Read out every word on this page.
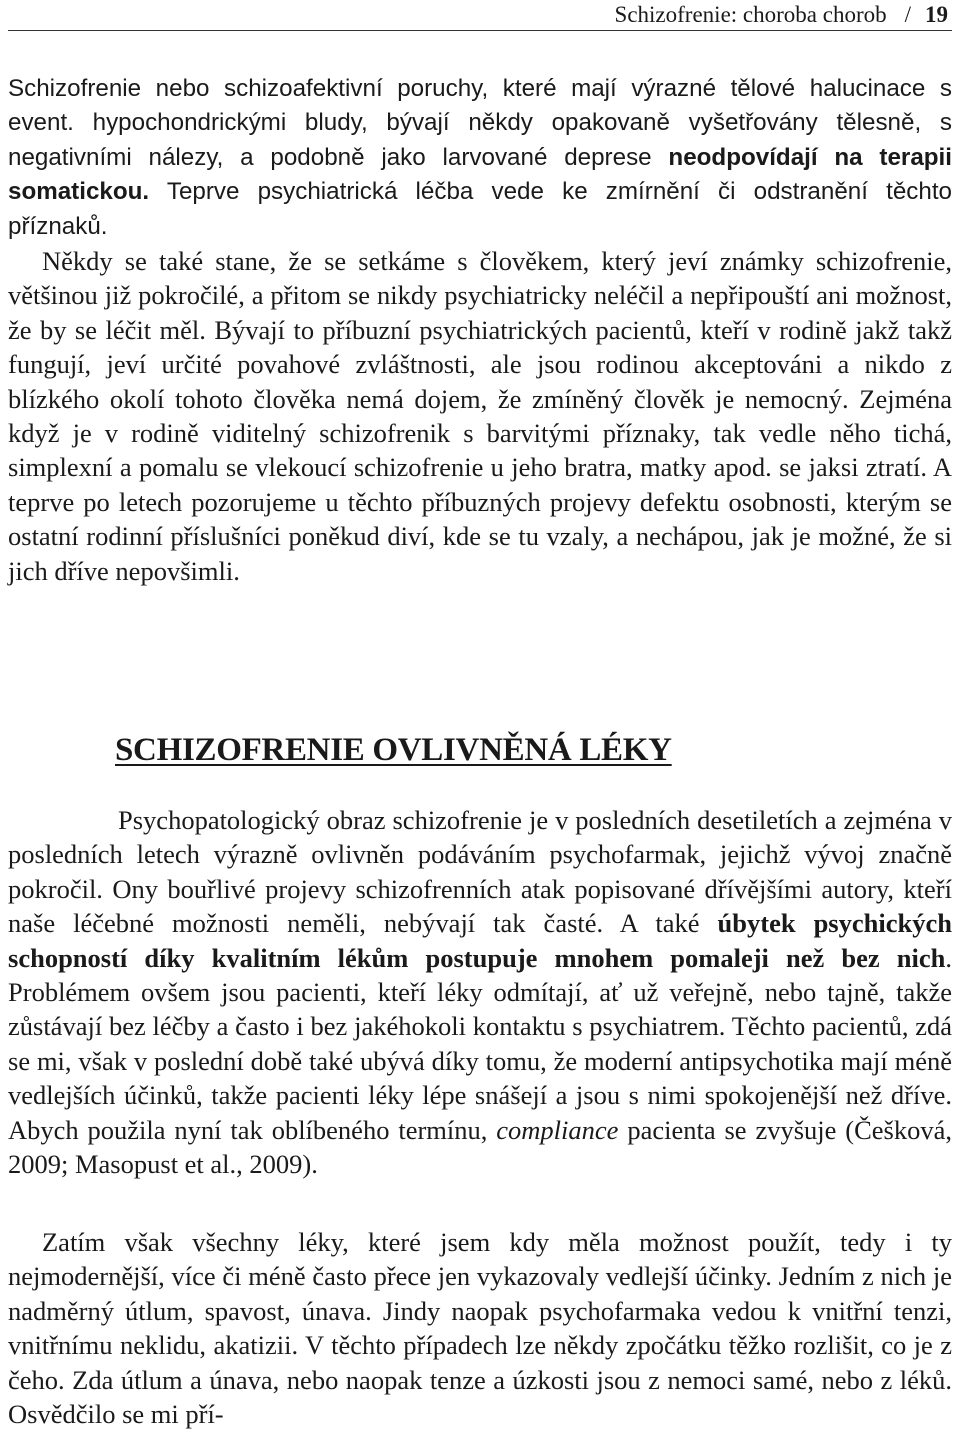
Schizofrenie: choroba chorob / 19
Schizofrenie nebo schizoafektivní poruchy, které mají výrazné tělové halucinace s event. hypochondrickými bludy, bývají někdy opakovaně vyšetřovány tělesně, s negativními nálezy, a podobně jako larvované deprese neodpovídají na terapii somatickou. Teprve psychiatrická léčba vede ke zmírnění či odstranění těchto příznaků.
Někdy se také stane, že se setkáme s člověkem, který jeví známky schizofrenie, většinou již pokročilé, a přitom se nikdy psychiatricky neléčil a nepřipouští ani možnost, že by se léčit měl. Bývají to příbuzní psychiatrických pacientů, kteří v rodině jakž takž fungují, jeví určité povahové zvláštnosti, ale jsou rodinou akceptováni a nikdo z blízkého okolí tohoto člověka nemá dojem, že zmíněný člověk je nemocný. Zejména když je v rodině viditelný schizofrenik s barvitými příznaky, tak vedle něho tichá, simplexní a pomalu se vlekoucí schizofrenie u jeho bratra, matky apod. se jaksi ztratí. A teprve po letech pozorujeme u těchto příbuzných projevy defektu osobnosti, kterým se ostatní rodinní příslušníci poněkud diví, kde se tu vzaly, a nechápou, jak je možné, že si jich dříve nepovšimli.
SCHIZOFRENIE OVLIVNĚNÁ LÉKY
Psychopatologický obraz schizofrenie je v posledních desetiletích a zejména v posledních letech výrazně ovlivněn podáváním psychofarmak, jejichž vývoj značně pokročil. Ony bouřlivé projevy schizofrenních atak popisované dřívějšími autory, kteří naše léčebné možnosti neměli, nebývají tak časté. A také úbytek psychických schopností díky kvalitním lékům postupuje mnohem pomaleji než bez nich. Problémem ovšem jsou pacienti, kteří léky odmítají, ať už veřejně, nebo tajně, takže zůstávají bez léčby a často i bez jakéhokoli kontaktu s psychiatrem. Těchto pacientů, zdá se mi, však v poslední době také ubývá díky tomu, že moderní antipsychotika mají méně vedlejších účinků, takže pacienti léky lépe snášejí a jsou s nimi spokojenější než dříve. Abych použila nyní tak oblíbeného termínu, compliance pacienta se zvyšuje (Češková, 2009; Masopust et al., 2009).
Zatím však všechny léky, které jsem kdy měla možnost použít, tedy i ty nejmodernější, více či méně často přece jen vykazovaly vedlejší účinky. Jedním z nich je nadměrný útlum, spavost, únava. Jindy naopak psychofarmaka vedou k vnitřní tenzi, vnitřnímu neklidu, akatizii. V těchto případech lze někdy zpočátku těžko rozlišit, co je z čeho. Zda útlum a únava, nebo naopak tenze a úzkosti jsou z nemoci samé, nebo z léků. Osvědčilo se mi pří-
